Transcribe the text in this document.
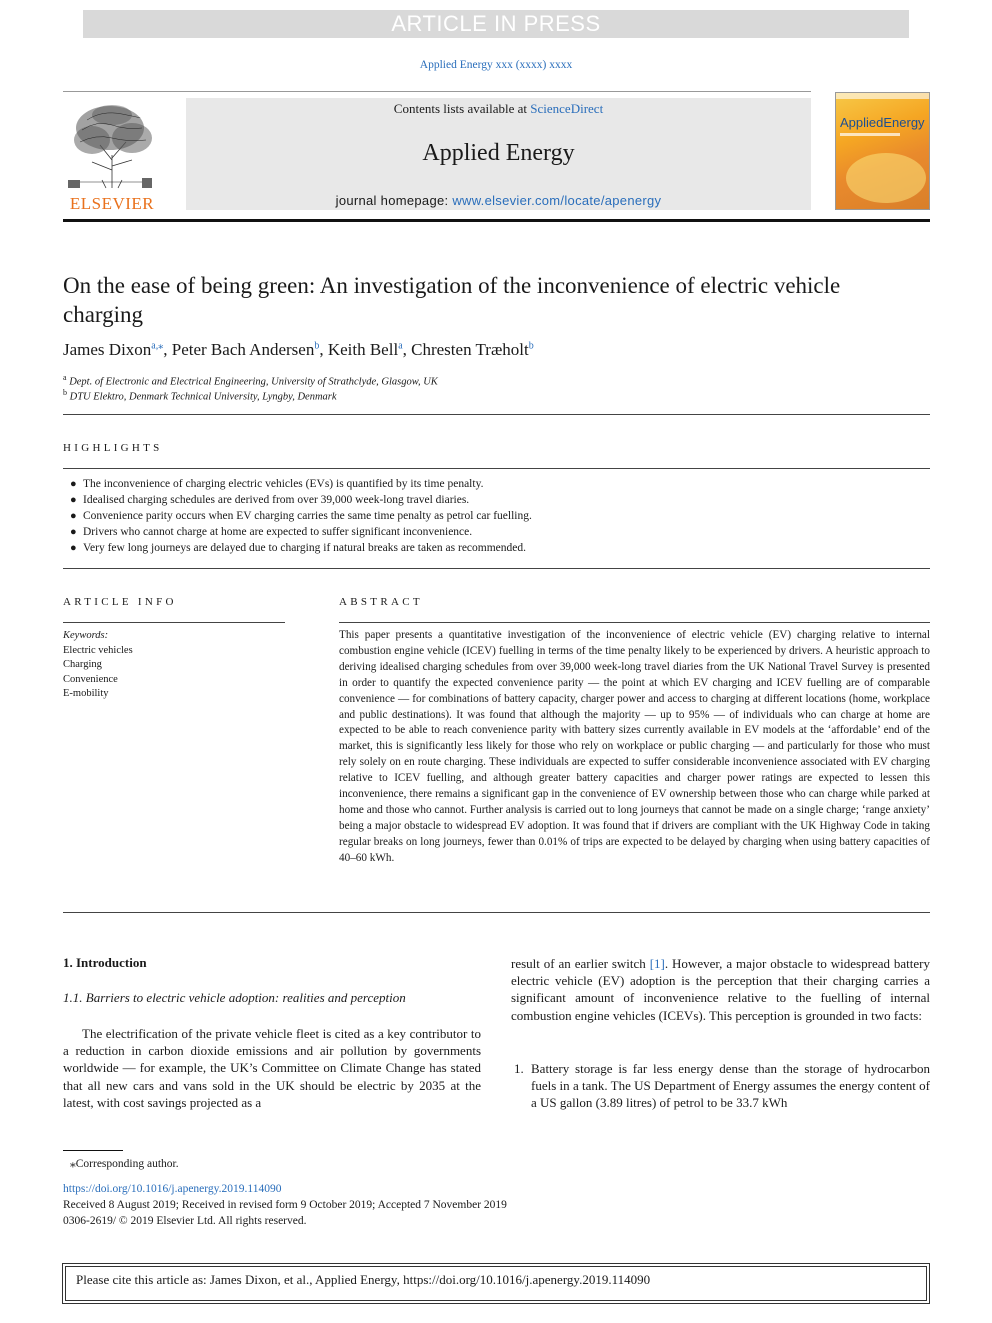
ARTICLE IN PRESS
Applied Energy xxx (xxxx) xxxx
ELSEVIER
Contents lists available at ScienceDirect
Applied Energy
journal homepage: www.elsevier.com/locate/apenergy
AppliedEnergy
On the ease of being green: An investigation of the inconvenience of electric vehicle charging
James Dixon$^{a,⁎}$, Peter Bach Andersen$^b$, Keith Bell$^a$, Chresten Træholt$^b$
$^a$ Dept. of Electronic and Electrical Engineering, University of Strathclyde, Glasgow, UK
$^b$ DTU Elektro, Denmark Technical University, Lyngby, Denmark
HIGHLIGHTS
● The inconvenience of charging electric vehicles (EVs) is quantified by its time penalty.
● Idealised charging schedules are derived from over 39,000 week-long travel diaries.
● Convenience parity occurs when EV charging carries the same time penalty as petrol car fuelling.
● Drivers who cannot charge at home are expected to suffer significant inconvenience.
● Very few long journeys are delayed due to charging if natural breaks are taken as recommended.
ARTICLE INFO
Keywords:
Electric vehicles
Charging
Convenience
E-mobility
ABSTRACT
This paper presents a quantitative investigation of the inconvenience of electric vehicle (EV) charging relative to internal combustion engine vehicle (ICEV) fuelling in terms of the time penalty likely to be experienced by drivers. A heuristic approach to deriving idealised charging schedules from over 39,000 week-long travel diaries from the UK National Travel Survey is presented in order to quantify the expected convenience parity — the point at which EV charging and ICEV fuelling are of comparable convenience — for combinations of battery capacity, charger power and access to charging at different locations (home, workplace and public destinations). It was found that although the majority — up to 95% — of individuals who can charge at home are expected to be able to reach convenience parity with battery sizes currently available in EV models at the ‘affordable’ end of the market, this is significantly less likely for those who rely on workplace or public charging — and particularly for those who must rely solely on en route charging. These individuals are expected to suffer considerable inconvenience associated with EV charging relative to ICEV fuelling, and although greater battery capacities and charger power ratings are expected to lessen this inconvenience, there remains a significant gap in the convenience of EV ownership between those who can charge while parked at home and those who cannot. Further analysis is carried out to long journeys that cannot be made on a single charge; ‘range anxiety’ being a major obstacle to widespread EV adoption. It was found that if drivers are compliant with the UK Highway Code in taking regular breaks on long journeys, fewer than 0.01% of trips are expected to be delayed by charging when using battery capacities of 40–60 kWh.
1. Introduction
1.1. Barriers to electric vehicle adoption: realities and perception
The electrification of the private vehicle fleet is cited as a key contributor to a reduction in carbon dioxide emissions and air pollution by governments worldwide — for example, the UK’s Committee on Climate Change has stated that all new cars and vans sold in the UK should be electric by 2035 at the latest, with cost savings projected as a
result of an earlier switch [1]. However, a major obstacle to widespread battery electric vehicle (EV) adoption is the perception that their charging carries a significant amount of inconvenience relative to the fuelling of internal combustion engine vehicles (ICEVs). This perception is grounded in two facts:
1. Battery storage is far less energy dense than the storage of hydrocarbon fuels in a tank. The US Department of Energy assumes the energy content of a US gallon (3.89 litres) of petrol to be 33.7 kWh
⁎Corresponding author.
https://doi.org/10.1016/j.apenergy.2019.114090
Received 8 August 2019; Received in revised form 9 October 2019; Accepted 7 November 2019
0306-2619/ © 2019 Elsevier Ltd. All rights reserved.
Please cite this article as: James Dixon, et al., Applied Energy, https://doi.org/10.1016/j.apenergy.2019.114090
